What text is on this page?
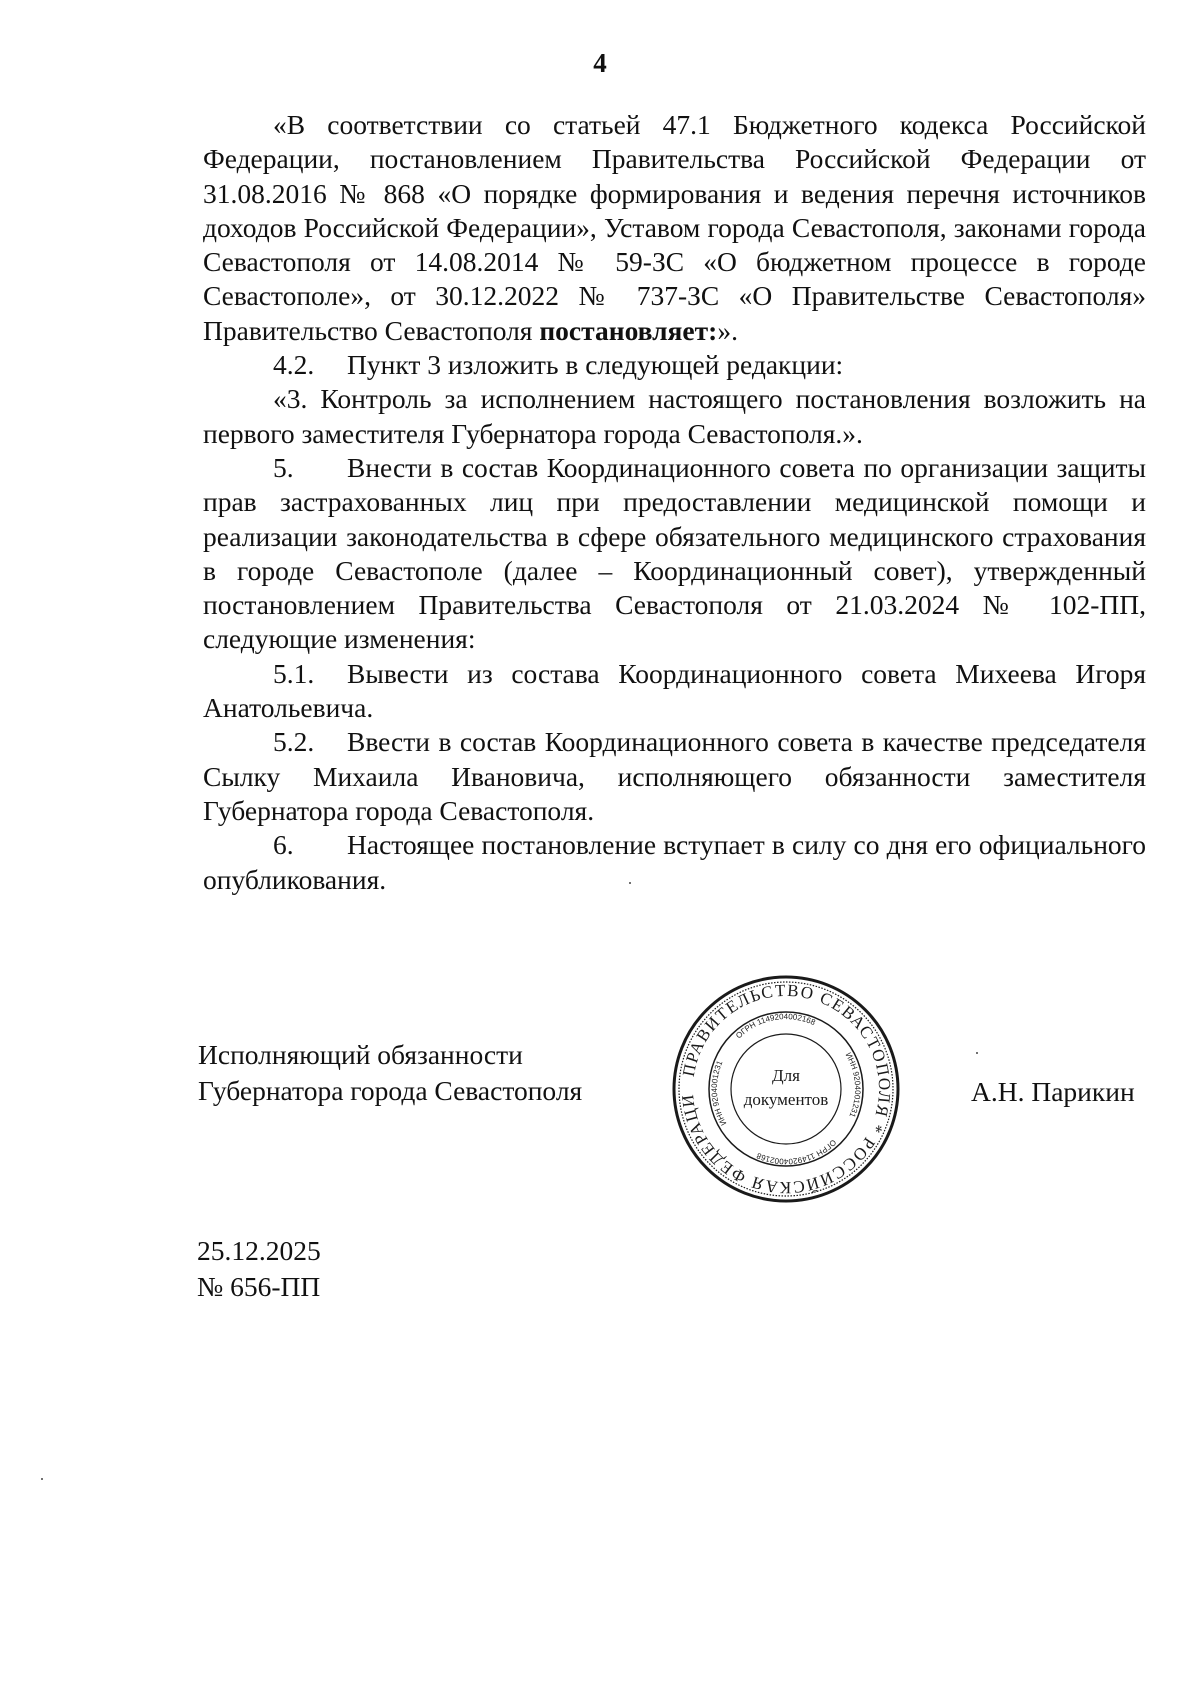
4

«В соответствии со статьей 47.1 Бюджетного кодекса Российской Федерации, постановлением Правительства Российской Федерации от 31.08.2016 № 868 «О порядке формирования и ведения перечня источников доходов Российской Федерации», Уставом города Севастополя, законами города Севастополя от 14.08.2014 № 59-ЗС «О бюджетном процессе в городе Севастополе», от 30.12.2022 № 737-ЗС «О Правительстве Севастополя» Правительство Севастополя постановляет:».

4.2. Пункт 3 изложить в следующей редакции:

«3. Контроль за исполнением настоящего постановления возложить на первого заместителя Губернатора города Севастополя.».

5. Внести в состав Координационного совета по организации защиты прав застрахованных лиц при предоставлении медицинской помощи и реализации законодательства в сфере обязательного медицинского страхования в городе Севастополе (далее – Координационный совет), утвержденный постановлением Правительства Севастополя от 21.03.2024 № 102-ПП, следующие изменения:

5.1. Вывести из состава Координационного совета Михеева Игоря Анатольевича.

5.2. Ввести в состав Координационного совета в качестве председателя Сылку Михаила Ивановича, исполняющего обязанности заместителя Губернатора города Севастополя.

6. Настоящее постановление вступает в силу со дня его официального опубликования.

Исполняющий обязанности
Губернатора города Севастополя
ПРАВИТЕЛЬСТВО СЕВАСТОПОЛЯ * РОССИЙСКАЯ ФЕДЕРАЦИ
ОГРН 1149204002168
ИНН 9204001231
ОГРН 1149204002168
ИНН 9204001231
Для
документов	А.Н. Парикин
25.12.2025
№ 656-ПП
